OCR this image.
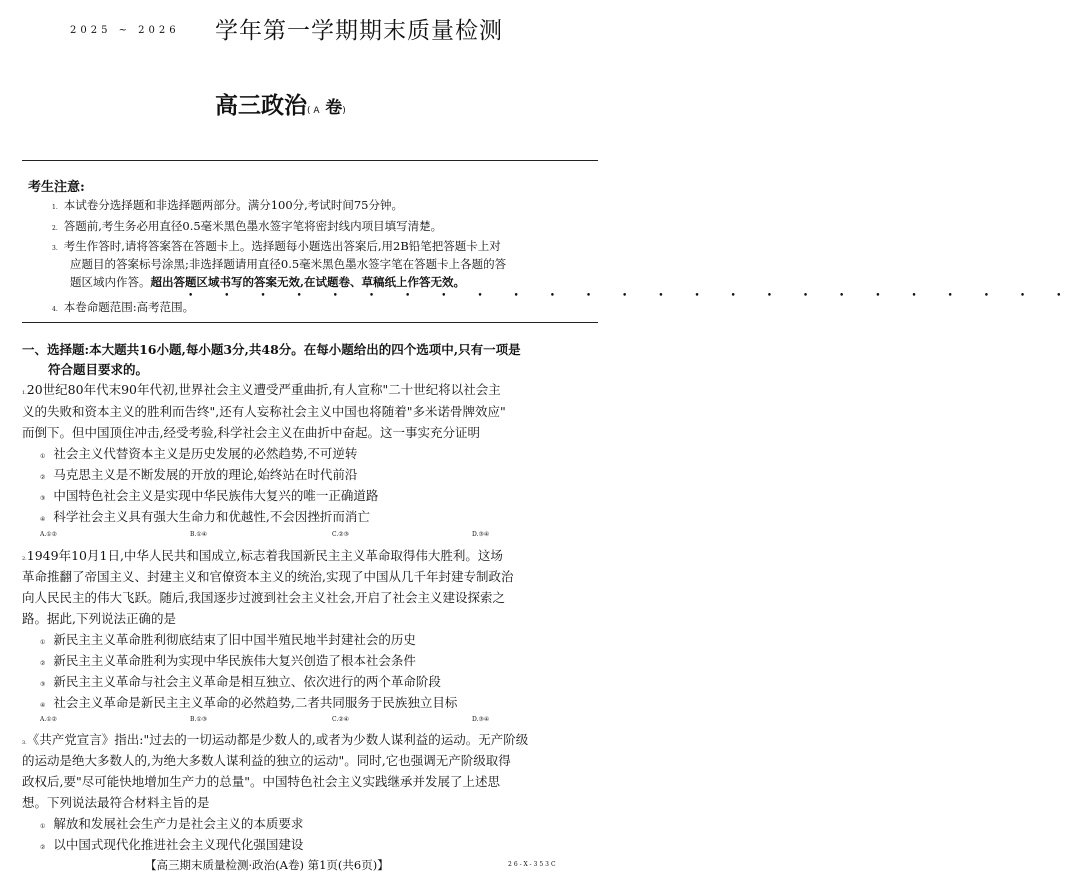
2025 ~ 2026 学年第一学期期末质量检测
高三政治( A 卷)
考生注意:
1. 本试卷分选择题和非选择题两部分。满分100分,考试时间75分钟。
2. 答题前,考生务必用直径0.5毫米黑色墨水签字笔将密封线内项目填写清楚。
3. 考生作答时,请将答案答在答题卡上。选择题每小题选出答案后,用2B铅笔把答题卡上对
应题目的答案标号涂黑;非选择题请用直径0.5毫米黑色墨水签字笔在答题卡上各题的答
题区域内作答。超出答题区域书写的答案无效,在试题卷、草稿纸上作答无效。
• • • • • • • • • • • • • • • • • • • • • • • • •
4. 本卷命题范围:高考范围。
一、选择题:本大题共16小题,每小题3分,共48分。在每小题给出的四个选项中,只有一项是
符合题目要求的。
1.20世纪80年代末90年代初,世界社会主义遭受严重曲折,有人宣称"二十世纪将以社会主
义的失败和资本主义的胜利而告终",还有人妄称社会主义中国也将随着"多米诺骨牌效应"
而倒下。但中国顶住冲击,经受考验,科学社会主义在曲折中奋起。这一事实充分证明
① 社会主义代替资本主义是历史发展的必然趋势,不可逆转
② 马克思主义是不断发展的开放的理论,始终站在时代前沿
③ 中国特色社会主义是实现中华民族伟大复兴的唯一正确道路
④ 科学社会主义具有强大生命力和优越性,不会因挫折而消亡
A.①②	B.①④	C.②③	D.③④
2.1949年10月1日,中华人民共和国成立,标志着我国新民主主义革命取得伟大胜利。这场
革命推翻了帝国主义、封建主义和官僚资本主义的统治,实现了中国从几千年封建专制政治
向人民民主的伟大飞跃。随后,我国逐步过渡到社会主义社会,开启了社会主义建设探索之
路。据此,下列说法正确的是
① 新民主主义革命胜利彻底结束了旧中国半殖民地半封建社会的历史
② 新民主主义革命胜利为实现中华民族伟大复兴创造了根本社会条件
③ 新民主主义革命与社会主义革命是相互独立、依次进行的两个革命阶段
④ 社会主义革命是新民主主义革命的必然趋势,二者共同服务于民族独立目标
A.①②	B.①③	C.②④	D.③④
3.《共产党宣言》指出:"过去的一切运动都是少数人的,或者为少数人谋利益的运动。无产阶级
的运动是绝大多数人的,为绝大多数人谋利益的独立的运动"。同时,它也强调无产阶级取得
政权后,要"尽可能快地增加生产力的总量"。中国特色社会主义实践继承并发展了上述思
想。下列说法最符合材料主旨的是
① 解放和发展社会生产力是社会主义的本质要求
② 以中国式现代化推进社会主义现代化强国建设
【高三期末质量检测·政治(A卷) 第1页(共6页)】	26-X-353C
